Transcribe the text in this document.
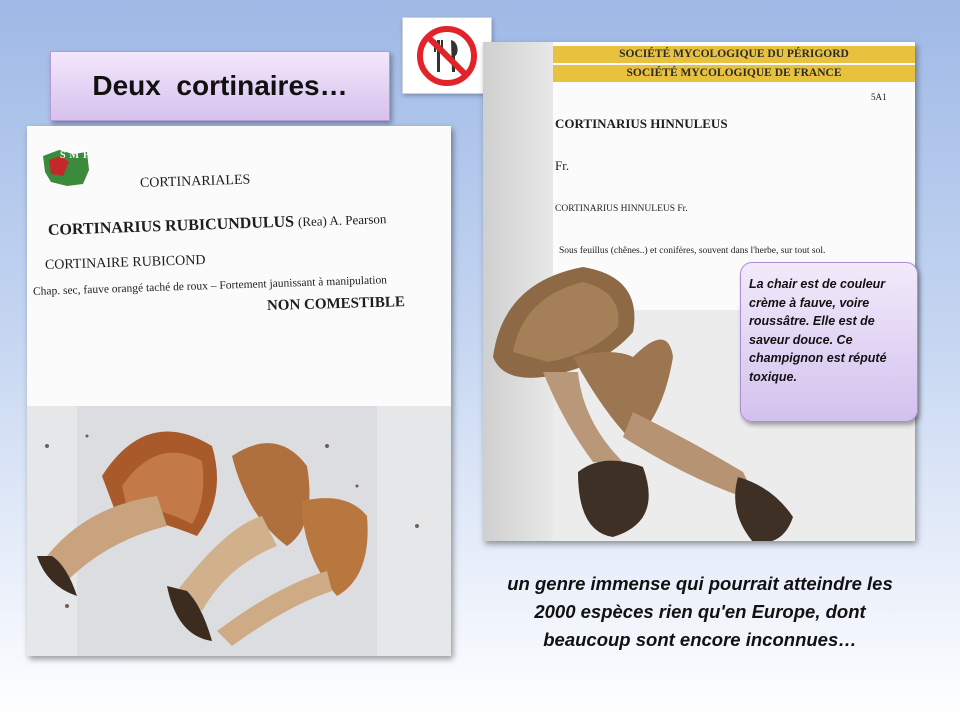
Deux  cortinaires…
SMP
CORTINARIALES
CORTINARIUS RUBICUNDULUS (Rea) A. Pearson
CORTINAIRE RUBICOND
Chap. sec, fauve orangé taché de roux – Fortement jaunissant à manipulation
NON COMESTIBLE
SOCIÉTÉ MYCOLOGIQUE DU PÉRIGORD
SOCIÉTÉ MYCOLOGIQUE DE FRANCE
5A1
CORTINARIUS HINNULEUS
Fr.
CORTINARIUS HINNULEUS Fr.
Sous feuillus (chênes..) et conifères, souvent dans l'herbe, sur tout sol.
La chair est de couleur crème à fauve, voire roussâtre. Elle est de saveur douce. Ce champignon est réputé toxique.
un genre immense qui pourrait atteindre les 2000 espèces rien qu'en Europe, dont beaucoup sont encore inconnues…
